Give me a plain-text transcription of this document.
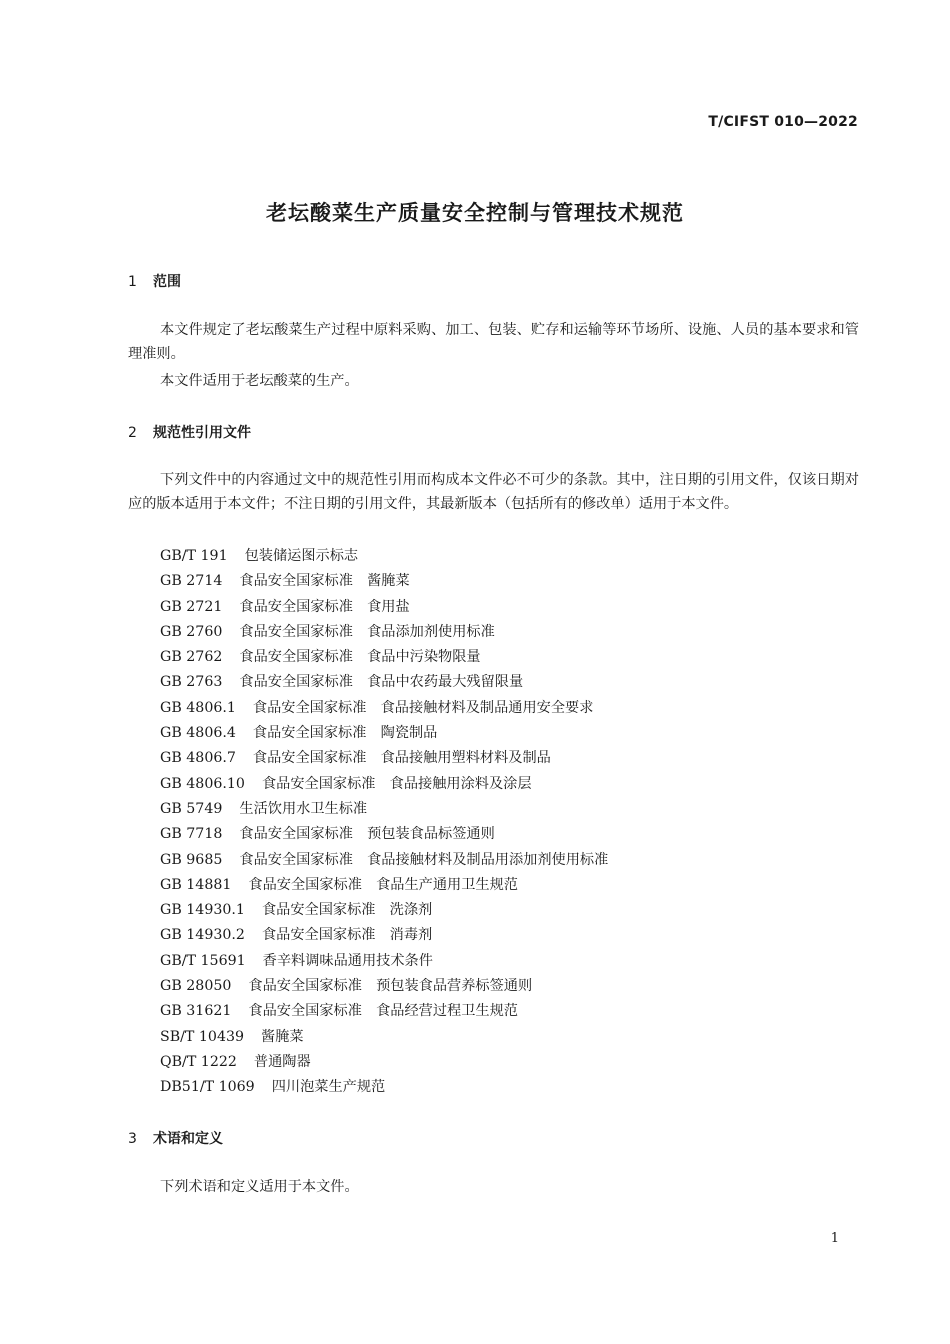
T/CIFST 010—2022
老坛酸菜生产质量安全控制与管理技术规范
1 范围

本文件规定了老坛酸菜生产过程中原料采购、加工、包装、贮存和运输等环节场所、设施、人员的基本要求和管理准则。

本文件适用于老坛酸菜的生产。

2 规范性引用文件

下列文件中的内容通过文中的规范性引用而构成本文件必不可少的条款。其中，注日期的引用文件，仅该日期对应的版本适用于本文件；不注日期的引用文件，其最新版本（包括所有的修改单）适用于本文件。

GB/T 191 包装储运图示标志
GB 2714 食品安全国家标准　酱腌菜
GB 2721 食品安全国家标准　食用盐
GB 2760 食品安全国家标准　食品添加剂使用标准
GB 2762 食品安全国家标准　食品中污染物限量
GB 2763 食品安全国家标准　食品中农药最大残留限量
GB 4806.1 食品安全国家标准　食品接触材料及制品通用安全要求
GB 4806.4 食品安全国家标准　陶瓷制品
GB 4806.7 食品安全国家标准　食品接触用塑料材料及制品
GB 4806.10 食品安全国家标准　食品接触用涂料及涂层
GB 5749 生活饮用水卫生标准
GB 7718 食品安全国家标准　预包装食品标签通则
GB 9685 食品安全国家标准　食品接触材料及制品用添加剂使用标准
GB 14881 食品安全国家标准　食品生产通用卫生规范
GB 14930.1 食品安全国家标准　洗涤剂
GB 14930.2 食品安全国家标准　消毒剂
GB/T 15691 香辛料调味品通用技术条件
GB 28050 食品安全国家标准　预包装食品营养标签通则
GB 31621 食品安全国家标准　食品经营过程卫生规范
SB/T 10439 酱腌菜
QB/T 1222 普通陶器
DB51/T 1069 四川泡菜生产规范
3 术语和定义

下列术语和定义适用于本文件。

1
